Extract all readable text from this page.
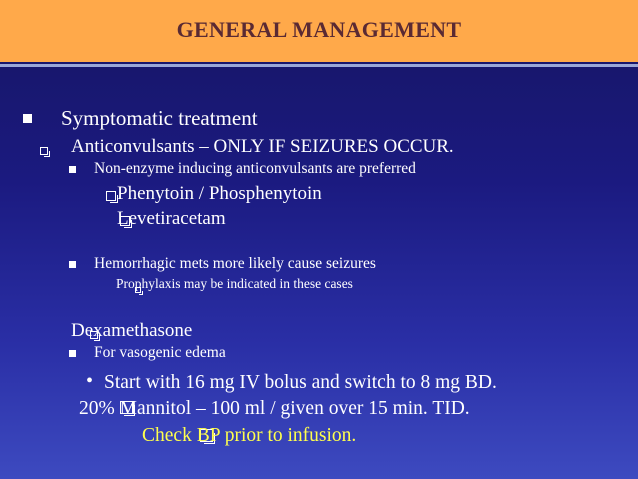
GENERAL MANAGEMENT
Symptomatic treatment

Anticonvulsants – ONLY IF SEIZURES OCCUR.
Non-enzyme inducing anticonvulsants are preferred

Phenytoin / Phosphenytoin

Levetiracetam
Hemorrhagic mets more likely cause seizures

Prophylaxis may be indicated in these cases

Dexamethasone
For vasogenic edema
• Start with 16 mg IV bolus and switch to 8 mg BD.

20% Mannitol – 100 ml / given over 15 min. TID.
Check BP prior to infusion.
